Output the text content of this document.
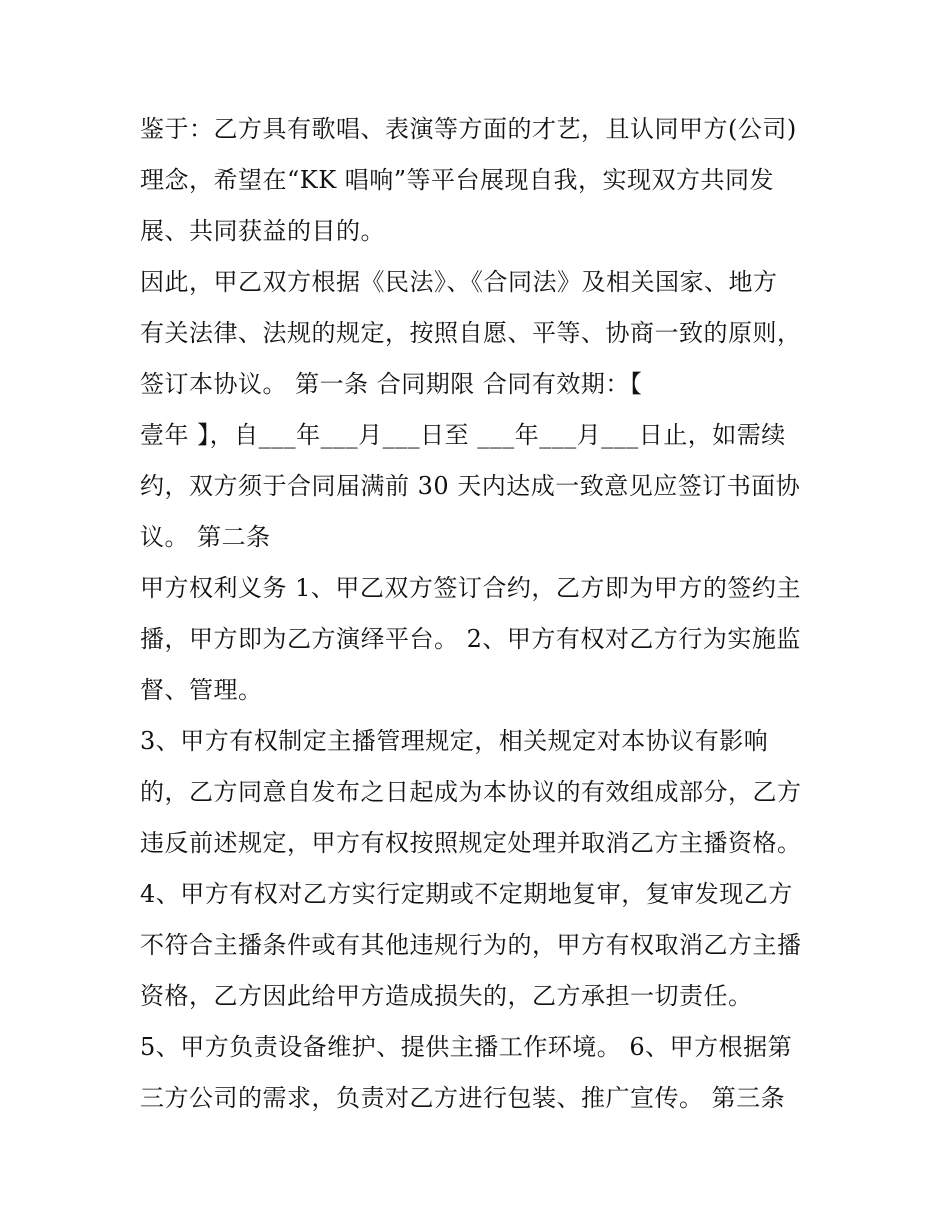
鉴于：乙方具有歌唱、表演等方面的才艺，且认同甲方(公司)
理念，希望在“KK 唱响”等平台展现自我，实现双方共同发
展、共同获益的目的。
因此，甲乙双方根据《民法》、《合同法》及相关国家、地方
有关法律、法规的规定，按照自愿、平等、协商一致的原则，
签订本协议。 第一条 合同期限 合同有效期：【
壹年 】，自___年___月___日至 ___年___月___日止，如需续
约，双方须于合同届满前 30 天内达成一致意见应签订书面协
议。 第二条
甲方权利义务 1、甲乙双方签订合约，乙方即为甲方的签约主
播，甲方即为乙方演绎平台。 2、甲方有权对乙方行为实施监
督、管理。
3、甲方有权制定主播管理规定，相关规定对本协议有影响
的，乙方同意自发布之日起成为本协议的有效组成部分，乙方
违反前述规定，甲方有权按照规定处理并取消乙方主播资格。
4、甲方有权对乙方实行定期或不定期地复审，复审发现乙方
不符合主播条件或有其他违规行为的，甲方有权取消乙方主播
资格，乙方因此给甲方造成损失的，乙方承担一切责任。
5、甲方负责设备维护、提供主播工作环境。 6、甲方根据第
三方公司的需求，负责对乙方进行包装、推广宣传。 第三条
